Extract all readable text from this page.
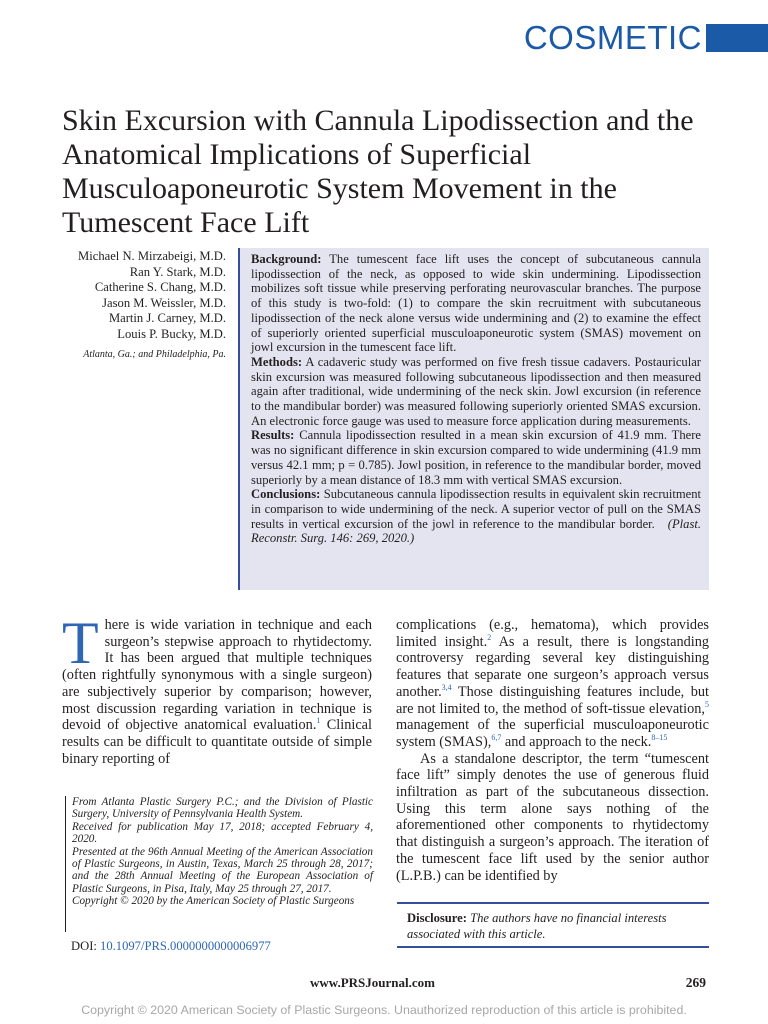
COSMETIC
Skin Excursion with Cannula Lipodissection and the Anatomical Implications of Superficial Musculoaponeurotic System Movement in the Tumescent Face Lift
Michael N. Mirzabeigi, M.D.
Ran Y. Stark, M.D.
Catherine S. Chang, M.D.
Jason M. Weissler, M.D.
Martin J. Carney, M.D.
Louis P. Bucky, M.D.
Atlanta, Ga.; and Philadelphia, Pa.

Background: The tumescent face lift uses the concept of subcutaneous cannula lipodissection of the neck, as opposed to wide skin undermining. Lipodissection mobilizes soft tissue while preserving perforating neurovascular branches. The purpose of this study is two-fold: (1) to compare the skin recruitment with subcutaneous lipodissection of the neck alone versus wide undermining and (2) to examine the effect of superiorly oriented superficial musculoaponeurotic system (SMAS) movement on jowl excursion in the tumescent face lift.

Methods: A cadaveric study was performed on five fresh tissue cadavers. Postauricular skin excursion was measured following subcutaneous lipodissection and then measured again after traditional, wide undermining of the neck skin. Jowl excursion (in reference to the mandibular border) was measured following superiorly oriented SMAS excursion. An electronic force gauge was used to measure force application during measurements.

Results: Cannula lipodissection resulted in a mean skin excursion of 41.9 mm. There was no significant difference in skin excursion compared to wide undermining (41.9 mm versus 42.1 mm; p = 0.785). Jowl position, in reference to the mandibular border, moved superiorly by a mean distance of 18.3 mm with vertical SMAS excursion.

Conclusions: Subcutaneous cannula lipodissection results in equivalent skin recruitment in comparison to wide undermining of the neck. A superior vector of pull on the SMAS results in vertical excursion of the jowl in reference to the mandibular border. (Plast. Reconstr. Surg. 146: 269, 2020.)

There is wide variation in technique and each surgeon’s stepwise approach to rhytidectomy. It has been argued that multiple techniques (often rightfully synonymous with a single surgeon) are subjectively superior by comparison; however, most discussion regarding variation in technique is devoid of objective anatomical evaluation.$^1$ Clinical results can be difficult to quantitate outside of simple binary reporting of

complications (e.g., hematoma), which provides limited insight.$^2$ As a result, there is longstanding controversy regarding several key distinguishing features that separate one surgeon’s approach versus another.$^{3,4}$ Those distinguishing features include, but are not limited to, the method of soft-tissue elevation,$^5$ management of the superficial musculoaponeurotic system (SMAS),$^{6,7}$ and approach to the neck.$^{8-15}$

As a standalone descriptor, the term “tumescent face lift” simply denotes the use of generous fluid infiltration as part of the subcutaneous dissection. Using this term alone says nothing of the aforementioned other components to rhytidectomy that distinguish a surgeon’s approach. The iteration of the tumescent face lift used by the senior author (L.P.B.) can be identified by

From Atlanta Plastic Surgery P.C.; and the Division of Plastic Surgery, University of Pennsylvania Health System.

Received for publication May 17, 2018; accepted February 4, 2020.

Presented at the 96th Annual Meeting of the American Association of Plastic Surgeons, in Austin, Texas, March 25 through 28, 2017; and the 28th Annual Meeting of the European Association of Plastic Surgeons, in Pisa, Italy, May 25 through 27, 2017.

Copyright © 2020 by the American Society of Plastic Surgeons

DOI: 10.1097/PRS.0000000000006977
Disclosure: The authors have no financial interests associated with this article.
www.PRSJournal.com	269
Copyright © 2020 American Society of Plastic Surgeons. Unauthorized reproduction of this article is prohibited.
